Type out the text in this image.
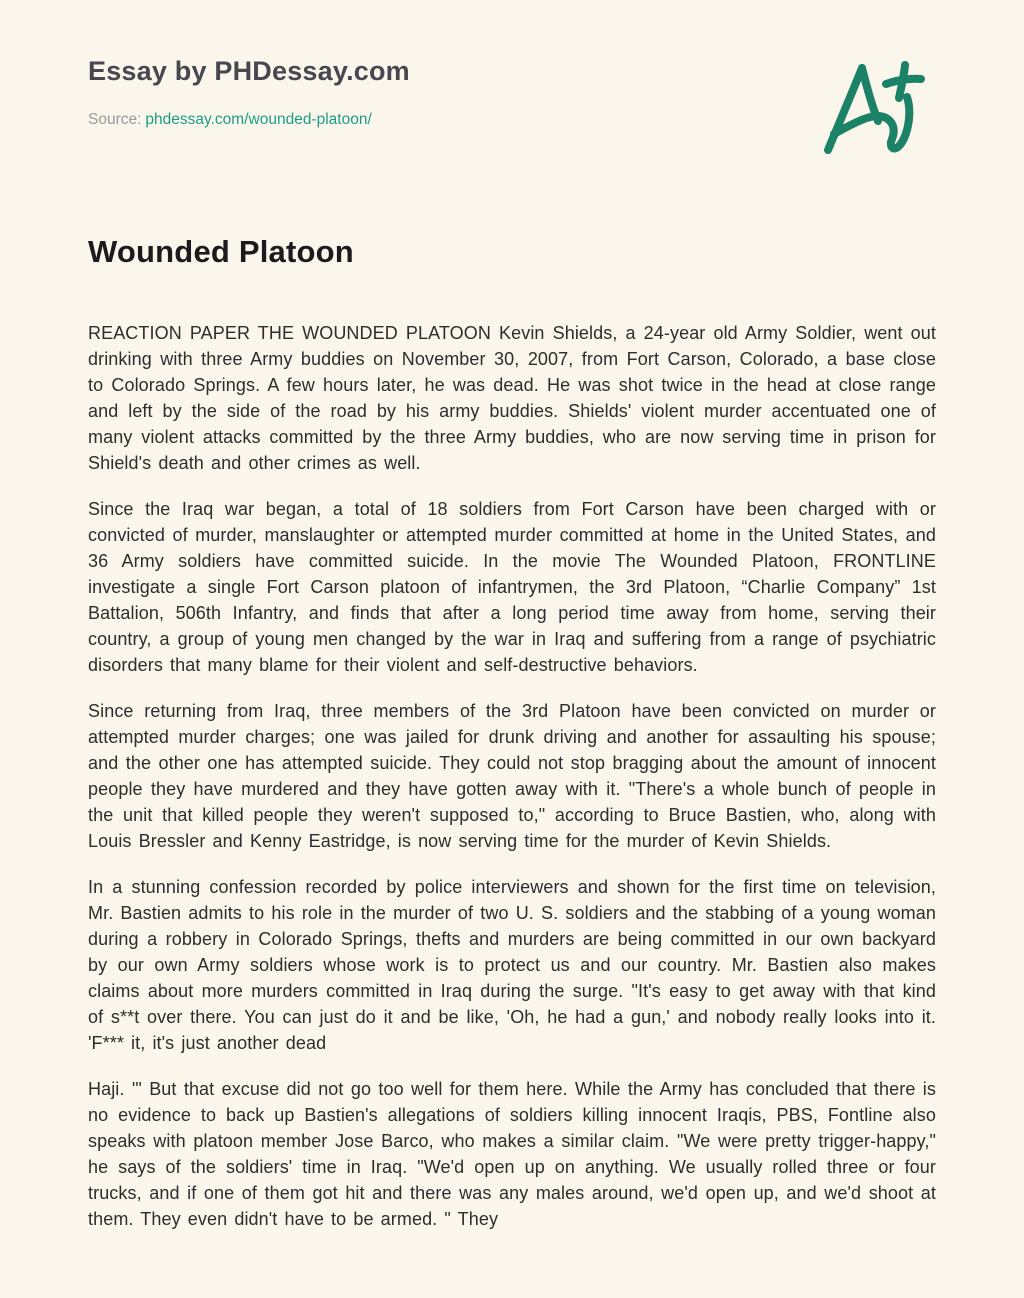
Essay by PHDessay.com
Source: phdessay.com/wounded-platoon/
Wounded Platoon

REACTION PAPER THE WOUNDED PLATOON Kevin Shields, a 24-year old Army Soldier, went out drinking with three Army buddies on November 30, 2007, from Fort Carson, Colorado, a base close to Colorado Springs. A few hours later, he was dead. He was shot twice in the head at close range and left by the side of the road by his army buddies. Shields' violent murder accentuated one of many violent attacks committed by the three Army buddies, who are now serving time in prison for Shield's death and other crimes as well.

Since the Iraq war began, a total of 18 soldiers from Fort Carson have been charged with or convicted of murder, manslaughter or attempted murder committed at home in the United States, and 36 Army soldiers have committed suicide. In the movie The Wounded Platoon, FRONTLINE investigate a single Fort Carson platoon of infantrymen, the 3rd Platoon, “Charlie Company” 1st Battalion, 506th Infantry, and finds that after a long period time away from home, serving their country, a group of young men changed by the war in Iraq and suffering from a range of psychiatric disorders that many blame for their violent and self-destructive behaviors.

Since returning from Iraq, three members of the 3rd Platoon have been convicted on murder or attempted murder charges; one was jailed for drunk driving and another for assaulting his spouse; and the other one has attempted suicide. They could not stop bragging about the amount of innocent people they have murdered and they have gotten away with it. "There's a whole bunch of people in the unit that killed people they weren't supposed to," according to Bruce Bastien, who, along with Louis Bressler and Kenny Eastridge, is now serving time for the murder of Kevin Shields.

In a stunning confession recorded by police interviewers and shown for the first time on television, Mr. Bastien admits to his role in the murder of two U. S. soldiers and the stabbing of a young woman during a robbery in Colorado Springs, thefts and murders are being committed in our own backyard by our own Army soldiers whose work is to protect us and our country. Mr. Bastien also makes claims about more murders committed in Iraq during the surge. "It's easy to get away with that kind of s**t over there. You can just do it and be like, 'Oh, he had a gun,' and nobody really looks into it. 'F*** it, it's just another dead

Haji. '" But that excuse did not go too well for them here. While the Army has concluded that there is no evidence to back up Bastien's allegations of soldiers killing innocent Iraqis, PBS, Fontline also speaks with platoon member Jose Barco, who makes a similar claim. "We were pretty trigger-happy," he says of the soldiers' time in Iraq. "We'd open up on anything. We usually rolled three or four trucks, and if one of them got hit and there was any males around, we'd open up, and we'd shoot at them. They even didn't have to be armed. " They
